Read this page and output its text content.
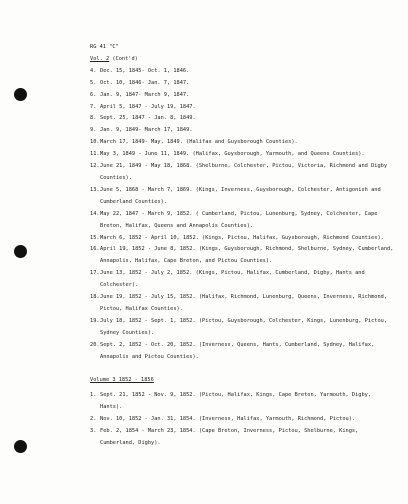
RG 41 "C"
Vol. 2 (Cont'd)
4. Dec. 15, 1845- Oct. 1, 1846.
5. Oct. 10, 1846- Jan. 7, 1847.
6. Jan. 9, 1847- March 9, 1847.
7. April 5, 1847 - July 19, 1847.
8. Sept. 25, 1847 - Jan. 8, 1849.
9. Jan. 9, 1849- March 17, 1849.
10. March 17, 1849- May, 1849. (Halifax and Guysborough Counties).
11. May 3, 1849 - June 11, 1849. (Halifax, Guysborough, Yarmouth, and Queens Counties).
12. June 21, 1849 - May 18, 1868. (Shelburne, Colchester, Pictou, Victoria, Richmond and Digby Counties).
13. June 5, 1868 - March 7, 1869. (Kings, Inverness, Guysborough, Colchester, Antigonish and Cumberland Counties).
14. May 22, 1847 - March 9, 1852. ( Cumberland, Pictou, Lunenburg, Sydney, Colchester, Cape Breton, Halifax, Queens and Annapolis Counties).
15. March 6, 1852 - April 10, 1852. (Kings, Pictou, Halifax, Guysborough, Richmond Counties).
16. April 19, 1852 - June 8, 1852. (Kings, Guysborough, Richmond, Shelburne, Sydney, Cumberland, Annapolis, Halifax, Cape Breton, and Pictou Counties).
17. June 13, 1852 - July 2, 1852. (Kings, Pictou, Halifax, Cumberland, Digby, Hants and Colchester).
18. June 19, 1852 - July 15, 1852. (Halifax, Richmond, Lunenburg, Queens, Inverness, Richmond, Pictou, Halifax Counties).
19. July 18, 1852 - Sept. 1, 1852. (Pictou, Guysborough, Colchester, Kings, Lunenburg, Pictou, Sydney Counties).
20. Sept. 2, 1852 - Oct. 20, 1852. (Inverness, Queens, Hants, Cumberland, Sydney, Halifax, Annapolis and Pictou Counties).
Volume 3 1852 - 1856
1. Sept. 21, 1852 - Nov. 9, 1852. (Pictou, Halifax, Kings, Cape Breton, Yarmouth, Digby, Hants).
2. Nov. 10, 1852 - Jan. 31, 1854. (Inverness, Halifax, Yarmouth, Richmond, Pictou).
3. Feb. 2, 1854 - March 23, 1854. (Cape Breton, Inverness, Pictou, Shelburne, Kings, Cumberland, Digby).
